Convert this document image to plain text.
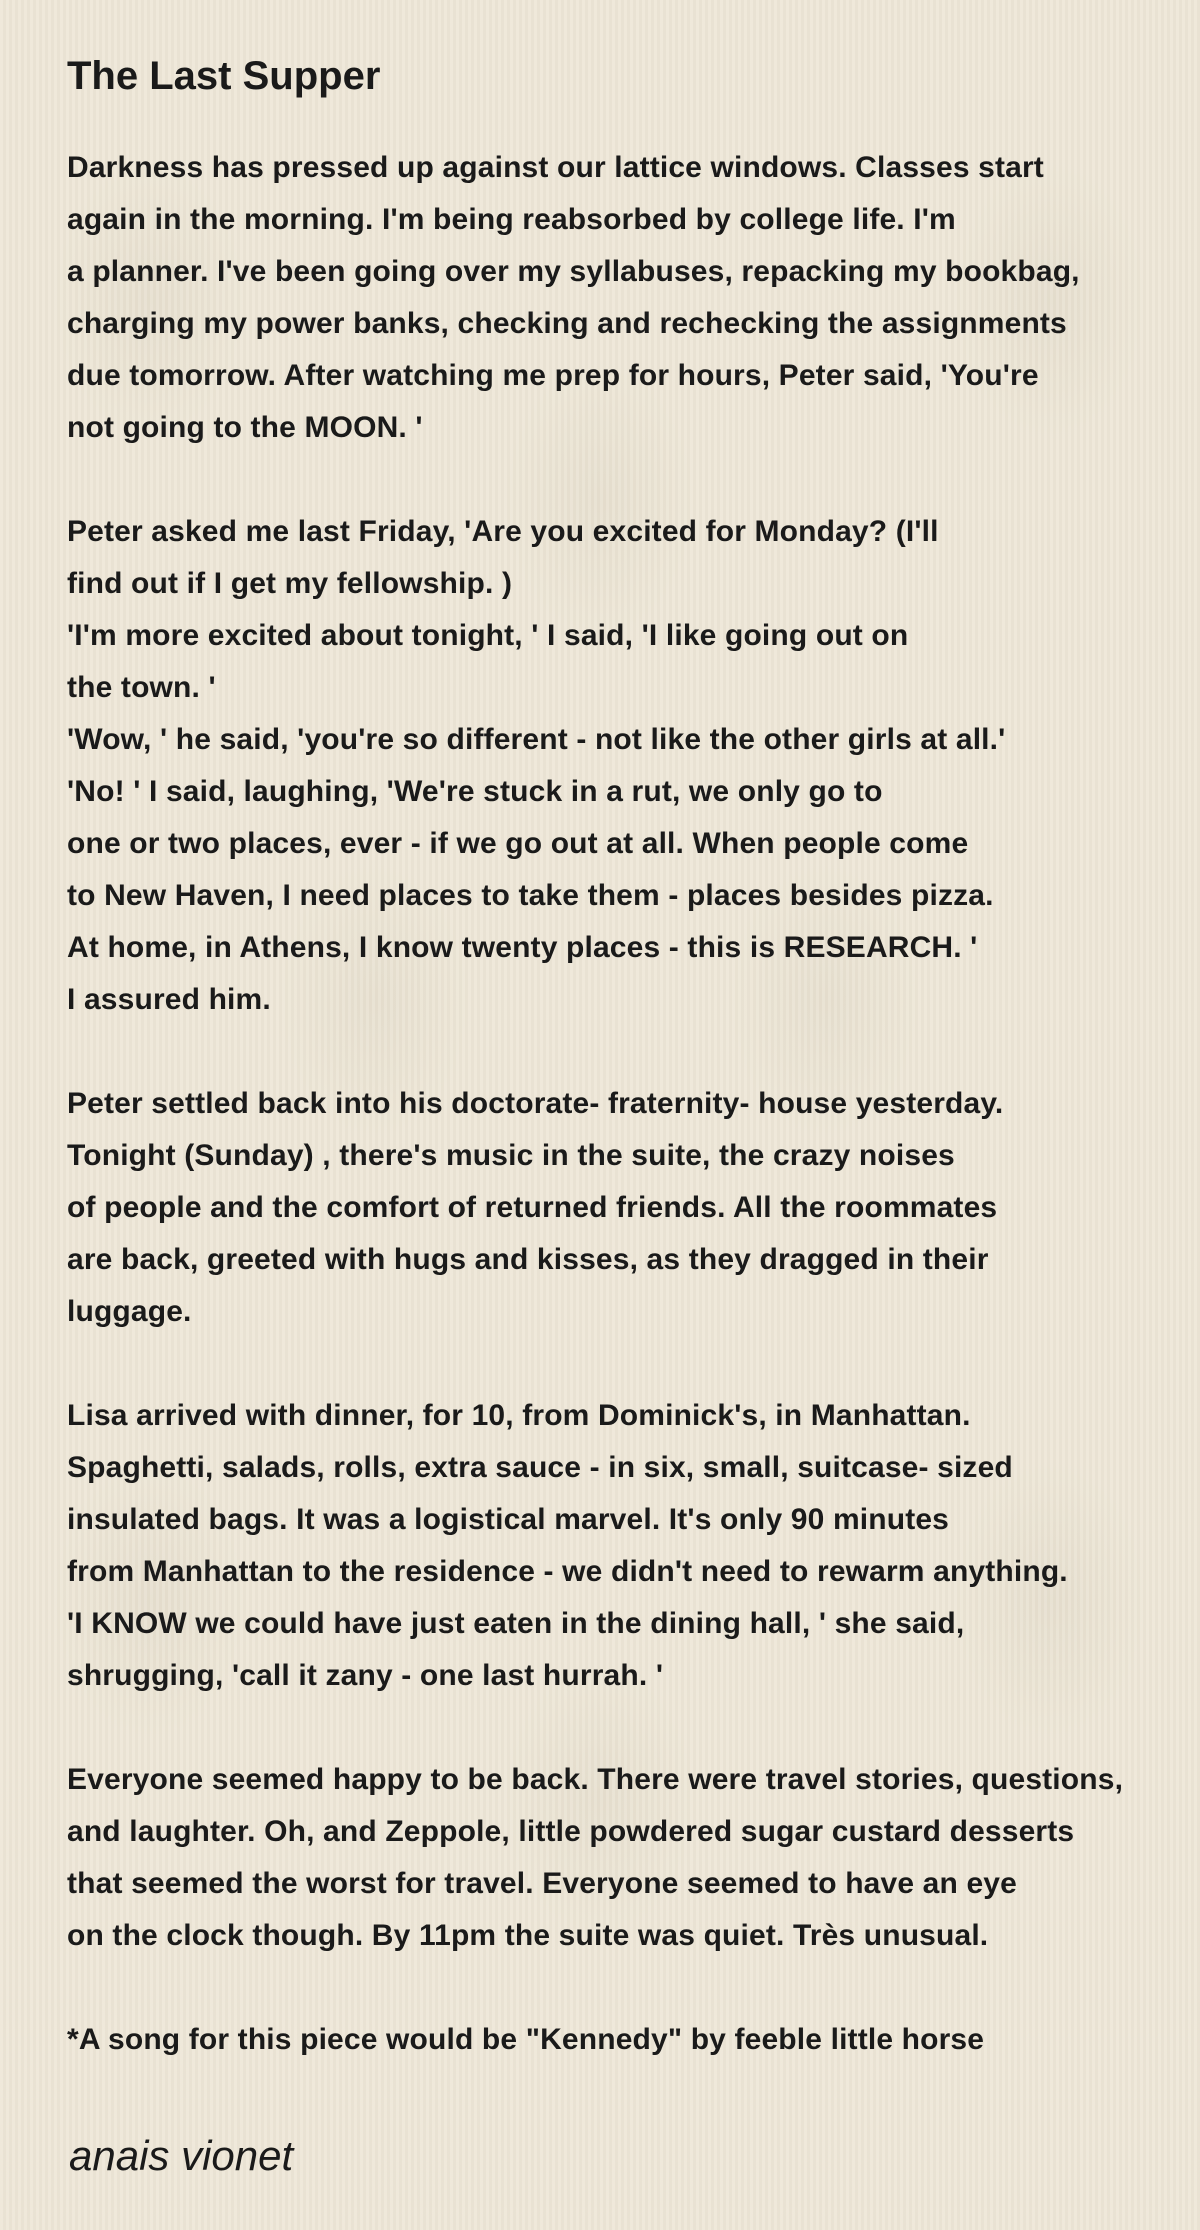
The Last Supper
Darkness has pressed up against our lattice windows. Classes start
again in the morning. I'm being reabsorbed by college life. I'm
a planner. I've been going over my syllabuses, repacking my bookbag,
charging my power banks, checking and rechecking the assignments
due tomorrow. After watching me prep for hours, Peter said, 'You're
not going to the MOON. '
Peter asked me last Friday, 'Are you excited for Monday? (I'll
find out if I get my fellowship. )
'I'm more excited about tonight, ' I said, 'I like going out on
the town. '
'Wow, ' he said, 'you're so different - not like the other girls at all.'
'No! ' I said, laughing, 'We're stuck in a rut, we only go to
one or two places, ever - if we go out at all. When people come
to New Haven, I need places to take them - places besides pizza.
At home, in Athens, I know twenty places - this is RESEARCH. '
I assured him.
Peter settled back into his doctorate- fraternity- house yesterday.
Tonight (Sunday) , there's music in the suite, the crazy noises
of people and the comfort of returned friends. All the roommates
are back, greeted with hugs and kisses, as they dragged in their
luggage.
Lisa arrived with dinner, for 10, from Dominick's, in Manhattan.
Spaghetti, salads, rolls, extra sauce - in six, small, suitcase- sized
insulated bags. It was a logistical marvel. It's only 90 minutes
from Manhattan to the residence - we didn't need to rewarm anything.
'I KNOW we could have just eaten in the dining hall, ' she said,
shrugging, 'call it zany - one last hurrah. '
Everyone seemed happy to be back. There were travel stories, questions,
and laughter. Oh, and Zeppole, little powdered sugar custard desserts
that seemed the worst for travel. Everyone seemed to have an eye
on the clock though. By 11pm the suite was quiet. Très unusual.
*A song for this piece would be "Kennedy" by feeble little horse

anais vionet
